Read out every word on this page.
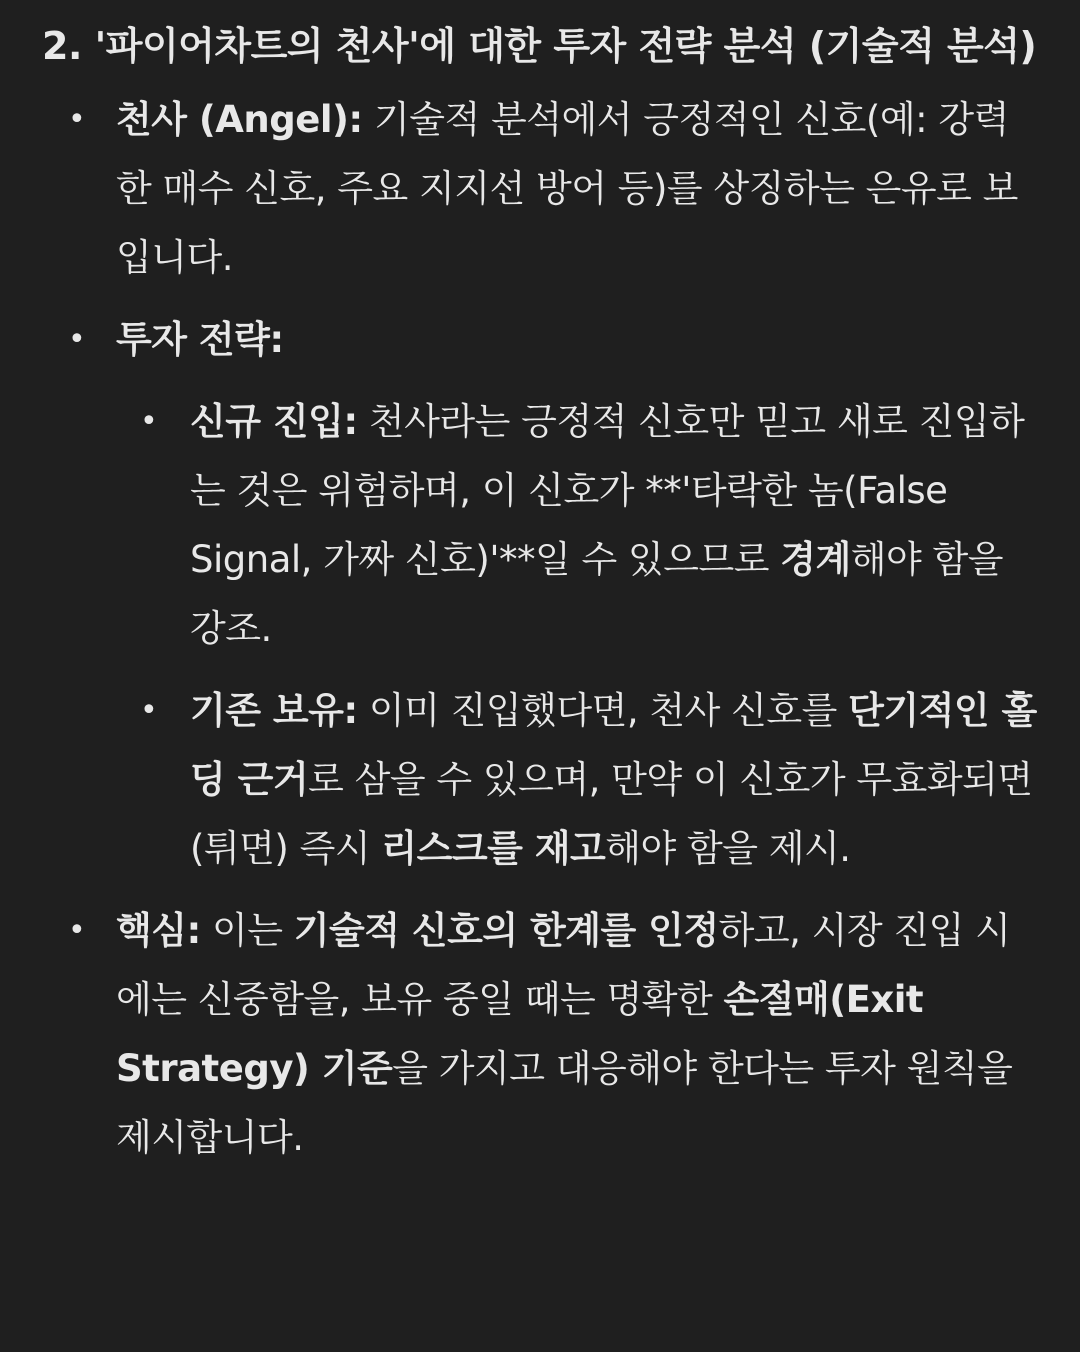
2. '파이어차트의 천사'에 대한 투자 전략 분석 (기술적 분석)
• 천사 (Angel): 기술적 분석에서 긍정적인 신호(예: 강력한 매수 신호, 주요 지지선 방어 등)를 상징하는 은유로 보입니다.
• 투자 전략:
• 신규 진입: 천사라는 긍정적 신호만 믿고 새로 진입하는 것은 위험하며, 이 신호가 **'타락한 놈(False Signal, 가짜 신호)'**일 수 있으므로 경계해야 함을 강조.
• 기존 보유: 이미 진입했다면, 천사 신호를 단기적인 홀딩 근거로 삼을 수 있으며, 만약 이 신호가 무효화되면(튀면) 즉시 리스크를 재고해야 함을 제시.
• 핵심: 이는 기술적 신호의 한계를 인정하고, 시장 진입 시에는 신중함을, 보유 중일 때는 명확한 손절매(Exit Strategy) 기준을 가지고 대응해야 한다는 투자 원칙을 제시합니다.
